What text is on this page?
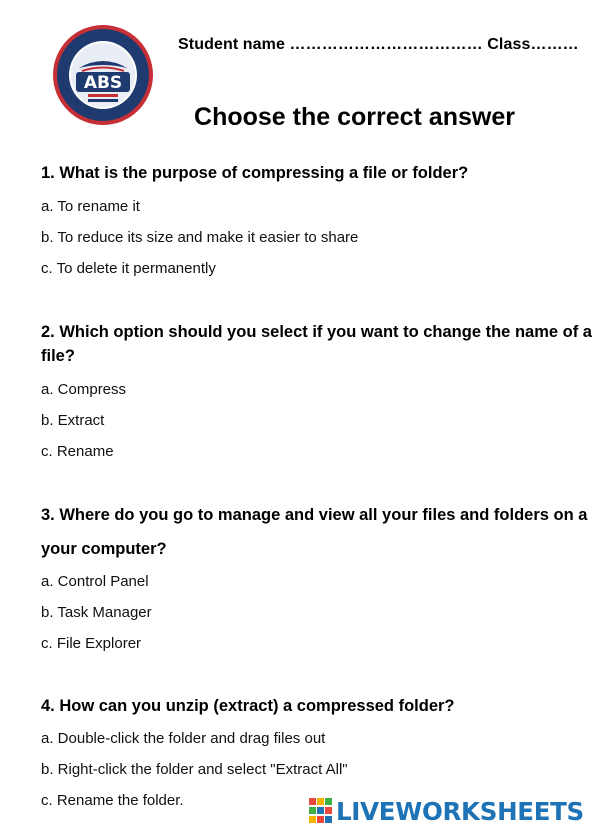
ABS
Student name ……………………………… Class………
Choose the correct answer
1. What is the purpose of compressing a file or folder?
a. To rename it
b. To reduce its size and make it easier to share
c. To delete it permanently
2. Which option should you select if you want to change the name of a file?
a. Compress
b. Extract
c. Rename
3. Where do you go to manage and view all your files and folders on a
your computer?
a. Control Panel
b. Task Manager
c. File Explorer
4. How can you unzip (extract) a compressed folder?
a. Double-click the folder and drag files out
b. Right-click the folder and select "Extract All"
c. Rename the folder.	LIVEWORKSHEETS
